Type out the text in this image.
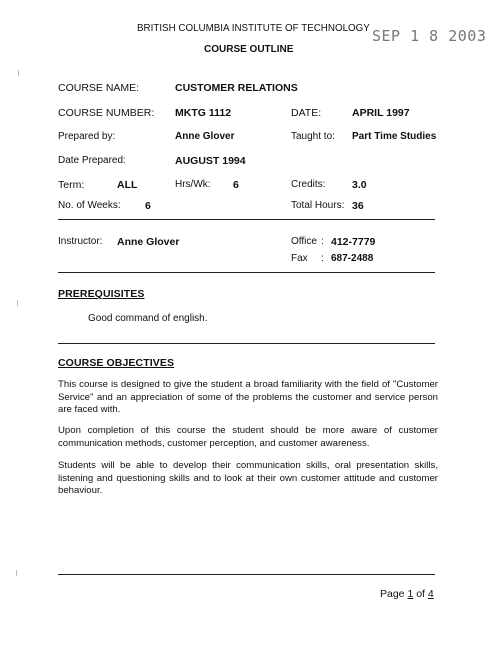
BRITISH COLUMBIA INSTITUTE OF TECHNOLOGY SEP 1 8 2003
COURSE OUTLINE
COURSE NAME:	CUSTOMER RELATIONS
COURSE NUMBER: MKTG 1112	DATE:	APRIL 1997
Prepared by:	Anne Glover	Taught to: Part Time Studies
Date Prepared:	AUGUST 1994
Term:	ALL	Hrs/Wk: 6	Credits:	3.0
No. of Weeks: 6	Total Hours: 36
Instructor: Anne Glover	Office : 412-7779
Fax : 687-2488
PREREQUISITES
Good command of english.
COURSE OBJECTIVES
This course is designed to give the student a broad familiarity with the field of "Customer Service" and an appreciation of some of the problems the customer and service person are faced with.
Upon completion of this course the student should be more aware of customer communication methods, customer perception, and customer awareness.
Students will be able to develop their communication skills, oral presentation skills, listening and questioning skills and to look at their own customer attitude and customer behaviour.
Page 1 of 4
